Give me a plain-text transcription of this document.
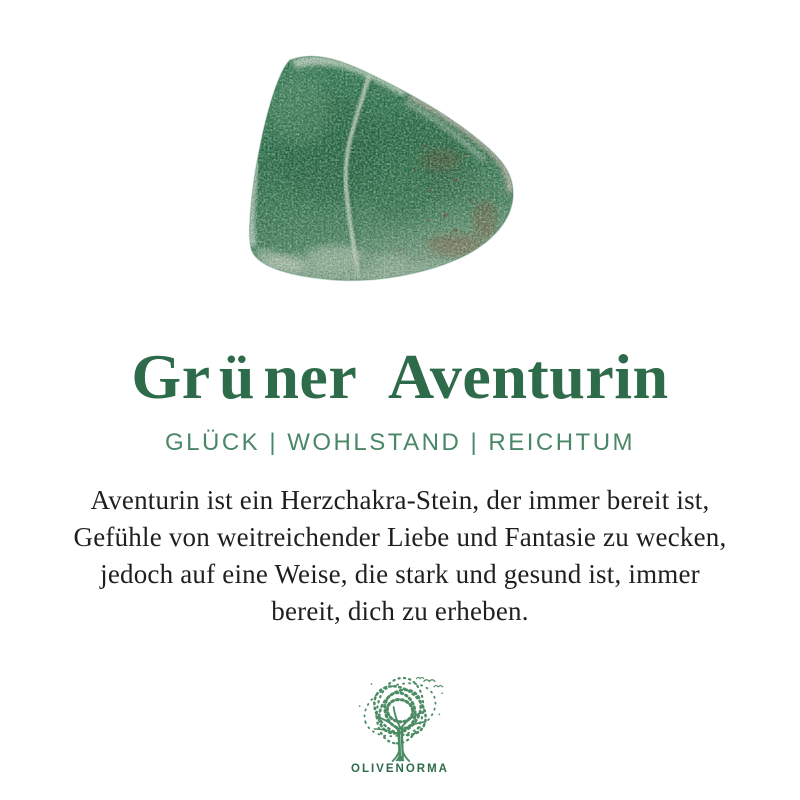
Gr ü ner Aventurin
GLÜCK | WOHLSTAND | REICHTUM
Aventurin ist ein Herzchakra-Stein, der immer bereit ist,
Gefühle von weitreichender Liebe und Fantasie zu wecken,
jedoch auf eine Weise, die stark und gesund ist, immer
bereit, dich zu erheben.
OLIVENORMA
